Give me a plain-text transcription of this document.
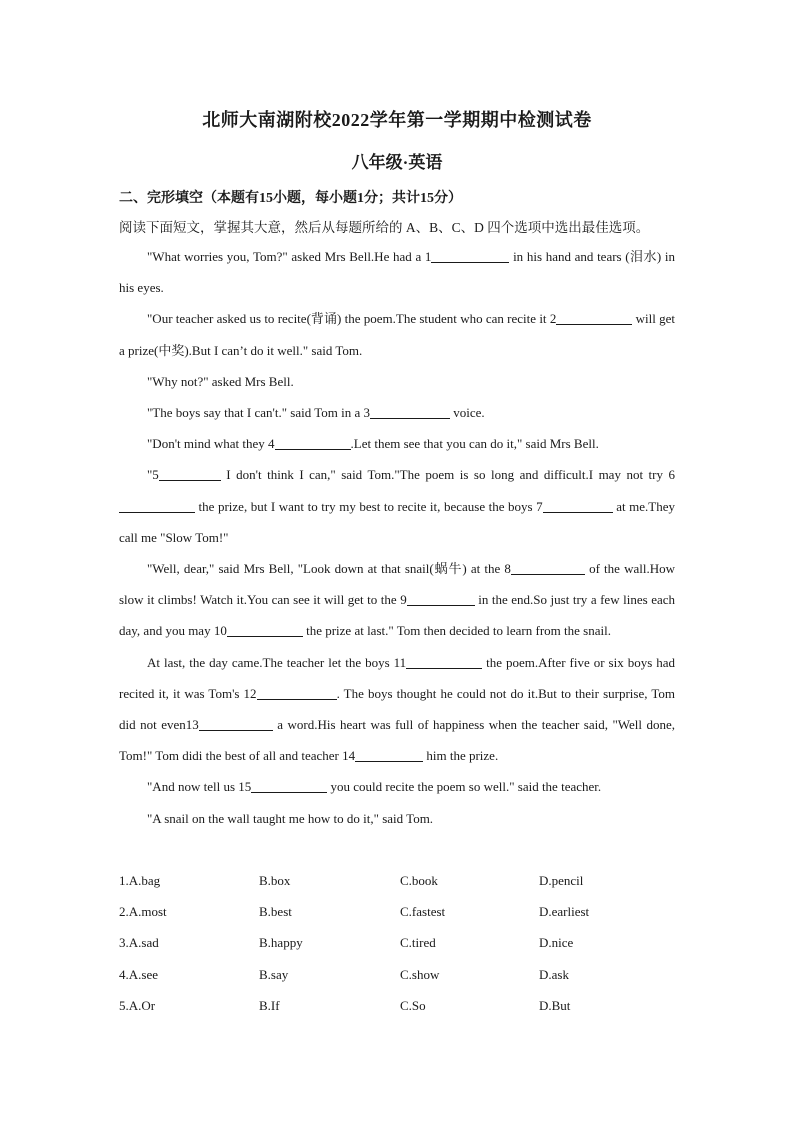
北师大南湖附校2022学年第一学期期中检测试卷
八年级·英语
二、完形填空（本题有15小题，每小题1分；共计15分）
阅读下面短文，掌握其大意，然后从每题所给的 A、B、C、D 四个选项中选出最佳选项。

"What worries you, Tom?" asked Mrs Bell.He had a 1	in his hand and tears (泪水) in his eyes.

"Our teacher asked us to recite(背诵) the poem.The student who can recite it 2	will get a prize(中奖).But I can’t do it well." said Tom.

"Why not?" asked Mrs Bell.

"The boys say that I can't." said Tom in a 3	voice.

"Don't mind what they 4	.Let them see that you can do it," said Mrs Bell.

"5	I don't think I can," said Tom."The poem is so long and difficult.I may not try 6 the prize, but I want to try my best to recite it, because the boys 7	at me.They call me "Slow Tom!"

"Well, dear," said Mrs Bell, "Look down at that snail(蜗牛) at the 8	of the wall.How slow it climbs! Watch it.You can see it will get to the 9	in the end.So just try a few lines each day, and you may 10	the prize at last." Tom then decided to learn from the snail.

At last, the day came.The teacher let the boys 11	the poem.After five or six boys had recited it, it was Tom's 12	. The boys thought he could not do it.But to their surprise, Tom did not even13	a word.His heart was full of happiness when the teacher said, "Well done, Tom!" Tom didi the best of all and teacher 14	him the prize.

"And now tell us 15	you could recite the poem so well." said the teacher.

"A snail on the wall taught me how to do it," said Tom.

1.A.bag	B.box	C.book	D.pencil
2.A.most	B.best	C.fastest	D.earliest
3.A.sad	B.happy	C.tired	D.nice
4.A.see	B.say	C.show	D.ask
5.A.Or	B.If	C.So	D.But
